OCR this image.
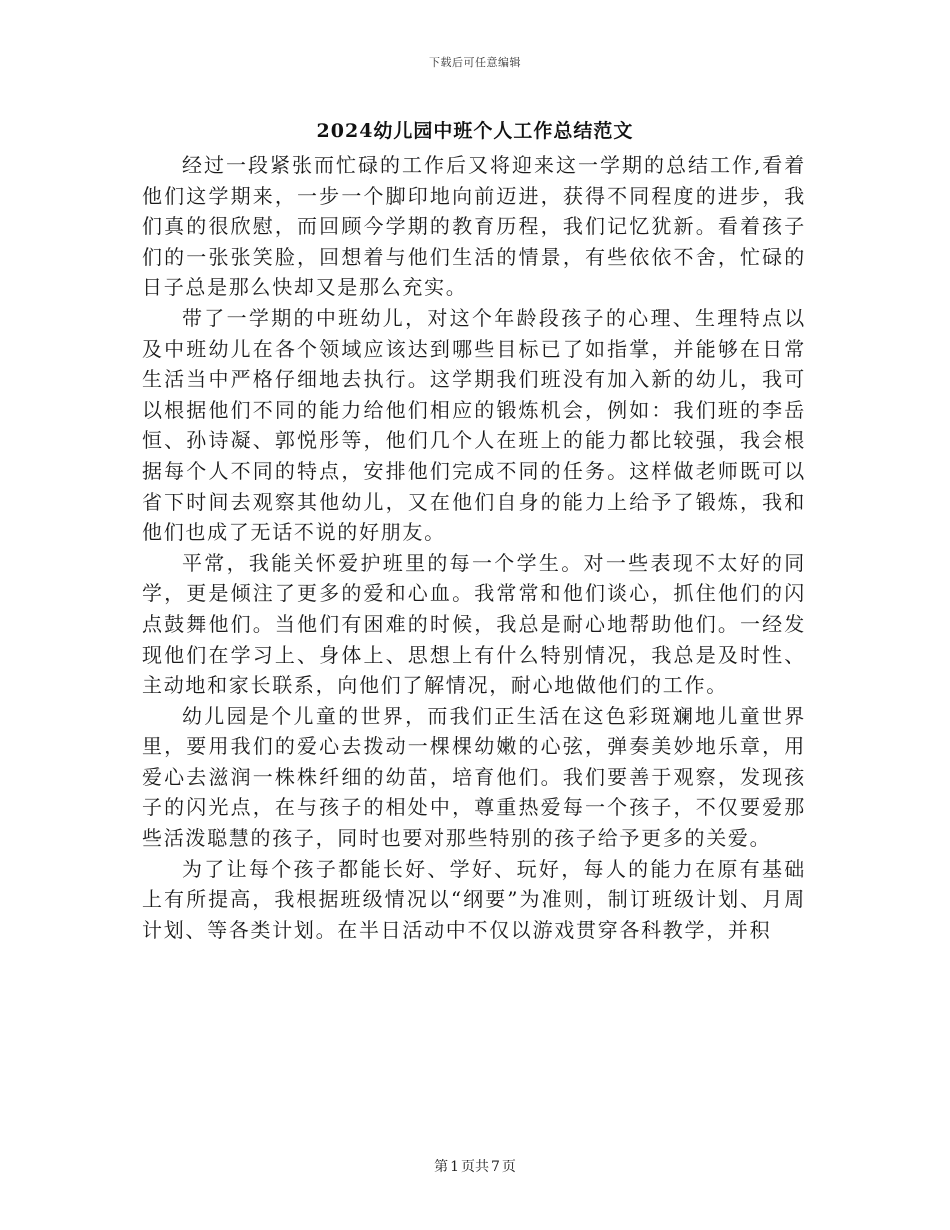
下载后可任意编辑
2024幼儿园中班个人工作总结范文

经过一段紧张而忙碌的工作后又将迎来这一学期的总结工作,看着他们这学期来，一步一个脚印地向前迈进，获得不同程度的进步，我们真的很欣慰，而回顾今学期的教育历程，我们记忆犹新。看着孩子们的一张张笑脸，回想着与他们生活的情景，有些依依不舍，忙碌的日子总是那么快却又是那么充实。

带了一学期的中班幼儿，对这个年龄段孩子的心理、生理特点以及中班幼儿在各个领域应该达到哪些目标已了如指掌，并能够在日常生活当中严格仔细地去执行。这学期我们班没有加入新的幼儿，我可以根据他们不同的能力给他们相应的锻炼机会，例如：我们班的李岳恒、孙诗凝、郭悦彤等，他们几个人在班上的能力都比较强，我会根据每个人不同的特点，安排他们完成不同的任务。这样做老师既可以省下时间去观察其他幼儿，又在他们自身的能力上给予了锻炼，我和他们也成了无话不说的好朋友。

平常，我能关怀爱护班里的每一个学生。对一些表现不太好的同学，更是倾注了更多的爱和心血。我常常和他们谈心，抓住他们的闪点鼓舞他们。当他们有困难的时候，我总是耐心地帮助他们。一经发现他们在学习上、身体上、思想上有什么特别情况，我总是及时性、主动地和家长联系，向他们了解情况，耐心地做他们的工作。

幼儿园是个儿童的世界，而我们正生活在这色彩斑斓地儿童世界里，要用我们的爱心去拨动一棵棵幼嫩的心弦，弹奏美妙地乐章，用爱心去滋润一株株纤细的幼苗，培育他们。我们要善于观察，发现孩子的闪光点，在与孩子的相处中，尊重热爱每一个孩子，不仅要爱那些活泼聪慧的孩子，同时也要对那些特别的孩子给予更多的关爱。

为了让每个孩子都能长好、学好、玩好，每人的能力在原有基础上有所提高，我根据班级情况以“纲要”为准则，制订班级计划、月周计划、等各类计划。在半日活动中不仅以游戏贯穿各科教学，并积

第 1 页共 7 页
